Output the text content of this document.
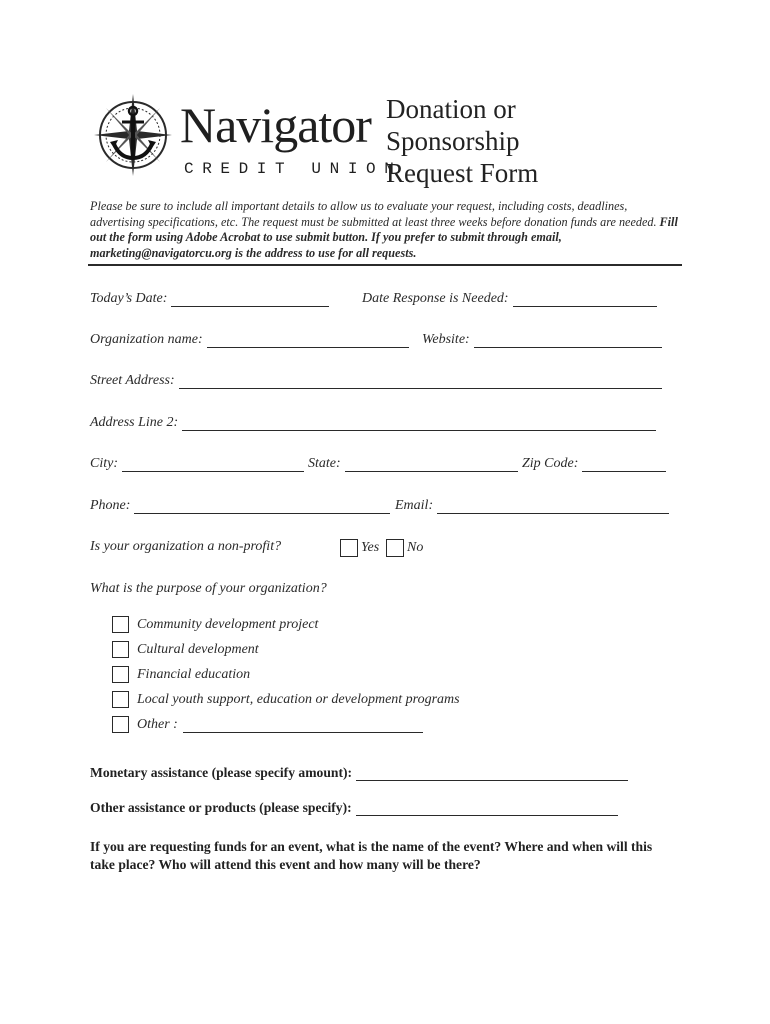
Navigator
CREDIT UNION
Donation or
Sponsorship
Request Form
Please be sure to include all important details to allow us to evaluate your request, including costs, deadlines, advertising specifications, etc. The request must be submitted at least three weeks before donation funds are needed. Fill out the form using Adobe Acrobat to use submit button. If you prefer to submit through email, marketing@navigatorcu.org is the address to use for all requests.
Today’s Date:	Date Response is Needed:
Organization name:	Website:
Street Address:
Address Line 2:
City:	State:	Zip Code:
Phone:	Email:
Is your organization a non-profit?	Yes No
What is the purpose of your organization?
Community development project
Cultural development
Financial education
Local youth support, education or development programs
Other :
Monetary assistance (please specify amount):
Other assistance or products (please specify):
If you are requesting funds for an event, what is the name of the event? Where and when will this take place? Who will attend this event and how many will be there?
